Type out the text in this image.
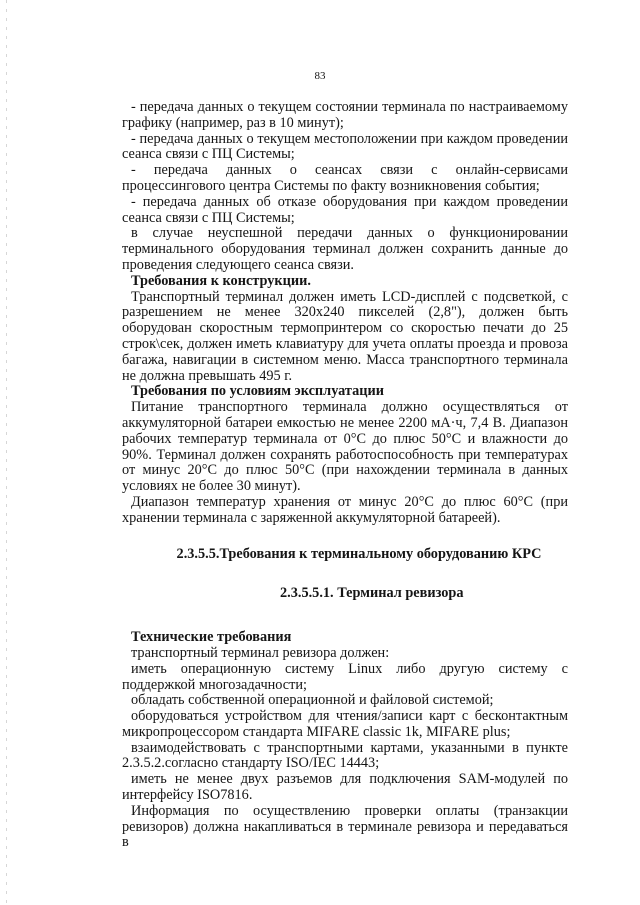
83

- передача данных о текущем состоянии терминала по настраиваемому графику (например, раз в 10 минут);

- передача данных о текущем местоположении при каждом проведении сеанса связи с ПЦ Системы;

- передача данных о сеансах связи с онлайн-сервисами процессингового центра Системы по факту возникновения события;

- передача данных об отказе оборудования при каждом проведении сеанса связи с ПЦ Системы;

в случае неуспешной передачи данных о функционировании терминального оборудования терминал должен сохранить данные до проведения следующего сеанса связи.

Требования к конструкции.

Транспортный терминал должен иметь LCD-дисплей с подсветкой, с разрешением не менее 320х240 пикселей (2,8"), должен быть оборудован скоростным термопринтером со скоростью печати до 25 строк\сек, должен иметь клавиатуру для учета оплаты проезда и провоза багажа, навигации в системном меню. Масса транспортного терминала не должна превышать 495 г.

Требования по условиям эксплуатации

Питание транспортного терминала должно осуществляться от аккумуляторной батареи емкостью не менее 2200 мА·ч, 7,4 В. Диапазон рабочих температур терминала от 0°С до плюс 50°С и влажности до 90%. Терминал должен сохранять работоспособность при температурах от минус 20°С до плюс 50°С (при нахождении терминала в данных условиях не более 30 минут).

Диапазон температур хранения от минус 20°С до плюс 60°С (при хранении терминала с заряженной аккумуляторной батареей).

2.3.5.5.Требования к терминальному оборудованию КРС

2.3.5.5.1. Терминал ревизора

Технические требования

транспортный терминал ревизора должен:

иметь операционную систему Linux либо другую систему с поддержкой многозадачности;

обладать собственной операционной и файловой системой;

оборудоваться устройством для чтения/записи карт с бесконтактным микропроцессором стандарта MIFARE classic 1k, MIFARE plus;

взаимодействовать с транспортными картами, указанными в пункте 2.3.5.2.согласно стандарту ISO/IEC 14443;

иметь не менее двух разъемов для подключения SAM-модулей по интерфейсу ISO7816.

Информация по осуществлению проверки оплаты (транзакции ревизоров) должна накапливаться в терминале ревизора и передаваться в
